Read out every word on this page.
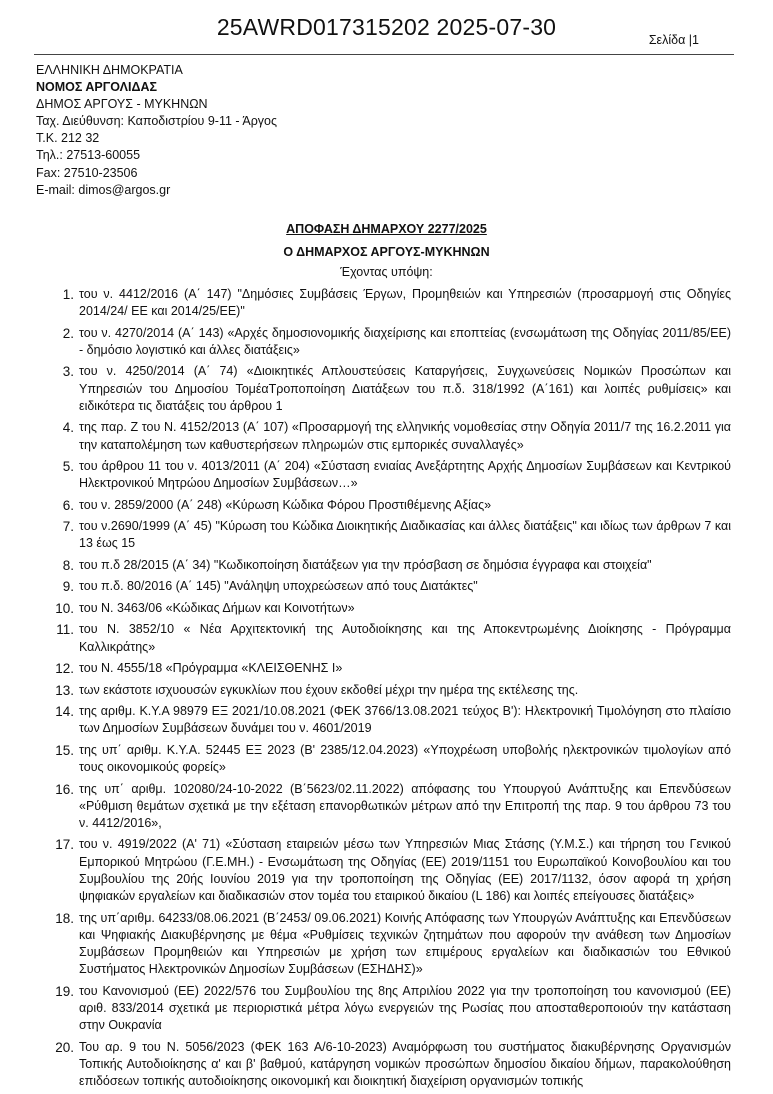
25AWRD017315202 2025-07-30	Σελίδα |1
ΕΛΛΗΝΙΚΗ ΔΗΜΟΚΡΑΤΙΑ
ΝΟΜΟΣ ΑΡΓΟΛΙΔΑΣ
ΔΗΜΟΣ ΑΡΓΟΥΣ - ΜΥΚΗΝΩΝ
Ταχ. Διεύθυνση: Καποδιστρίου 9-11 - Άργος
Τ.Κ. 212 32
Τηλ.: 27513-60055
Fax: 27510-23506
E-mail: dimos@argos.gr
ΑΠΟΦΑΣΗ ΔΗΜΑΡΧΟΥ 2277/2025
Ο ΔΗΜΑΡΧΟΣ ΑΡΓΟΥΣ-ΜΥΚΗΝΩΝ
Έχοντας υπόψη:
1. του ν. 4412/2016 (Α΄ 147) "Δημόσιες Συμβάσεις Έργων, Προμηθειών και Υπηρεσιών (προσαρμογή στις Οδηγίες 2014/24/ ΕΕ και 2014/25/ΕΕ)"
2. του ν. 4270/2014 (Α΄ 143) «Αρχές δημοσιονομικής διαχείρισης και εποπτείας (ενσωμάτωση της Οδηγίας 2011/85/ΕΕ) - δημόσιο λογιστικό και άλλες διατάξεις»
3. του ν. 4250/2014 (Α΄ 74) «Διοικητικές Απλουστεύσεις Καταργήσεις, Συγχωνεύσεις Νομικών Προσώπων και Υπηρεσιών του Δημοσίου ΤομέαΤροποποίηση Διατάξεων του π.δ. 318/1992 (Α΄161) και λοιπές ρυθμίσεις» και ειδικότερα τις διατάξεις του άρθρου 1
4. της παρ. Ζ του Ν. 4152/2013 (Α΄ 107) «Προσαρμογή της ελληνικής νομοθεσίας στην Οδηγία 2011/7 της 16.2.2011 για την καταπολέμηση των καθυστερήσεων πληρωμών στις εμπορικές συναλλαγές»
5. του άρθρου 11 του ν. 4013/2011 (Α΄ 204) «Σύσταση ενιαίας Ανεξάρτητης Αρχής Δημοσίων Συμβάσεων και Κεντρικού Ηλεκτρονικού Μητρώου Δημοσίων Συμβάσεων…»
6. του ν. 2859/2000 (Α΄ 248) «Κύρωση Κώδικα Φόρου Προστιθέμενης Αξίας»
7. του ν.2690/1999 (Α΄ 45) "Κύρωση του Κώδικα Διοικητικής Διαδικασίας και άλλες διατάξεις" και ιδίως των άρθρων 7 και 13 έως 15
8. του π.δ 28/2015 (Α΄ 34) "Κωδικοποίηση διατάξεων για την πρόσβαση σε δημόσια έγγραφα και στοιχεία"
9. του π.δ. 80/2016 (Α΄ 145) "Ανάληψη υποχρεώσεων από τους Διατάκτες"
10. του Ν. 3463/06 «Κώδικας Δήμων και Κοινοτήτων»
11. του Ν. 3852/10 « Νέα Αρχιτεκτονική της Αυτοδιοίκησης και της Αποκεντρωμένης Διοίκησης - Πρόγραμμα Καλλικράτης»
12. του Ν. 4555/18 «Πρόγραμμα «ΚΛΕΙΣΘΕΝΗΣ Ι»
13. των εκάστοτε ισχυουσών εγκυκλίων που έχουν εκδοθεί μέχρι την ημέρα της εκτέλεσης της.
14. της αριθμ. Κ.Υ.Α 98979 ΕΞ 2021/10.08.2021 (ΦΕΚ 3766/13.08.2021 τεύχος Β'): Ηλεκτρονική Τιμολόγηση στο πλαίσιο των Δημοσίων Συμβάσεων δυνάμει του ν. 4601/2019
15. της υπ΄ αριθμ. Κ.Υ.Α. 52445 ΕΞ 2023 (Β' 2385/12.04.2023) «Υποχρέωση υποβολής ηλεκτρονικών τιμολογίων από τους οικονομικούς φορείς»
16. της υπ΄ αριθμ. 102080/24-10-2022 (Β΄5623/02.11.2022) απόφασης του Υπουργού Ανάπτυξης και Επενδύσεων «Ρύθμιση θεμάτων σχετικά με την εξέταση επανορθωτικών μέτρων από την Επιτροπή της παρ. 9 του άρθρου 73 του ν. 4412/2016»,
17. του ν. 4919/2022 (Α' 71) «Σύσταση εταιρειών μέσω των Υπηρεσιών Μιας Στάσης (Υ.Μ.Σ.) και τήρηση του Γενικού Εμπορικού Μητρώου (Γ.Ε.ΜΗ.) - Ενσωμάτωση της Οδηγίας (ΕΕ) 2019/1151 του Ευρωπαϊκού Κοινοβουλίου και του Συμβουλίου της 20ής Ιουνίου 2019 για την τροποποίηση της Οδηγίας (ΕΕ) 2017/1132, όσον αφορά τη χρήση ψηφιακών εργαλείων και διαδικασιών στον τομέα του εταιρικού δικαίου (L 186) και λοιπές επείγουσες διατάξεις»
18. της υπ΄αριθμ. 64233/08.06.2021 (Β΄2453/ 09.06.2021) Κοινής Απόφασης των Υπουργών Ανάπτυξης και Επενδύσεων και Ψηφιακής Διακυβέρνησης με θέμα «Ρυθμίσεις τεχνικών ζητημάτων που αφορούν την ανάθεση των Δημοσίων Συμβάσεων Προμηθειών και Υπηρεσιών με χρήση των επιμέρους εργαλείων και διαδικασιών του Εθνικού Συστήματος Ηλεκτρονικών Δημοσίων Συμβάσεων (ΕΣΗΔΗΣ)»
19. του Κανονισμού (ΕΕ) 2022/576 του Συμβουλίου της 8ης Απριλίου 2022 για την τροποποίηση του κανονισμού (ΕΕ) αριθ. 833/2014 σχετικά με περιοριστικά μέτρα λόγω ενεργειών της Ρωσίας που αποσταθεροποιούν την κατάσταση στην Ουκρανία
20. Του αρ. 9 του Ν. 5056/2023 (ΦΕΚ 163 Α/6-10-2023) Αναμόρφωση του συστήματος διακυβέρνησης Οργανισμών Τοπικής Αυτοδιοίκησης α' και β' βαθμού, κατάργηση νομικών προσώπων δημοσίου δικαίου δήμων, παρακολούθηση επιδόσεων τοπικής αυτοδιοίκησης οικονομική και διοικητική διαχείριση οργανισμών τοπικής
